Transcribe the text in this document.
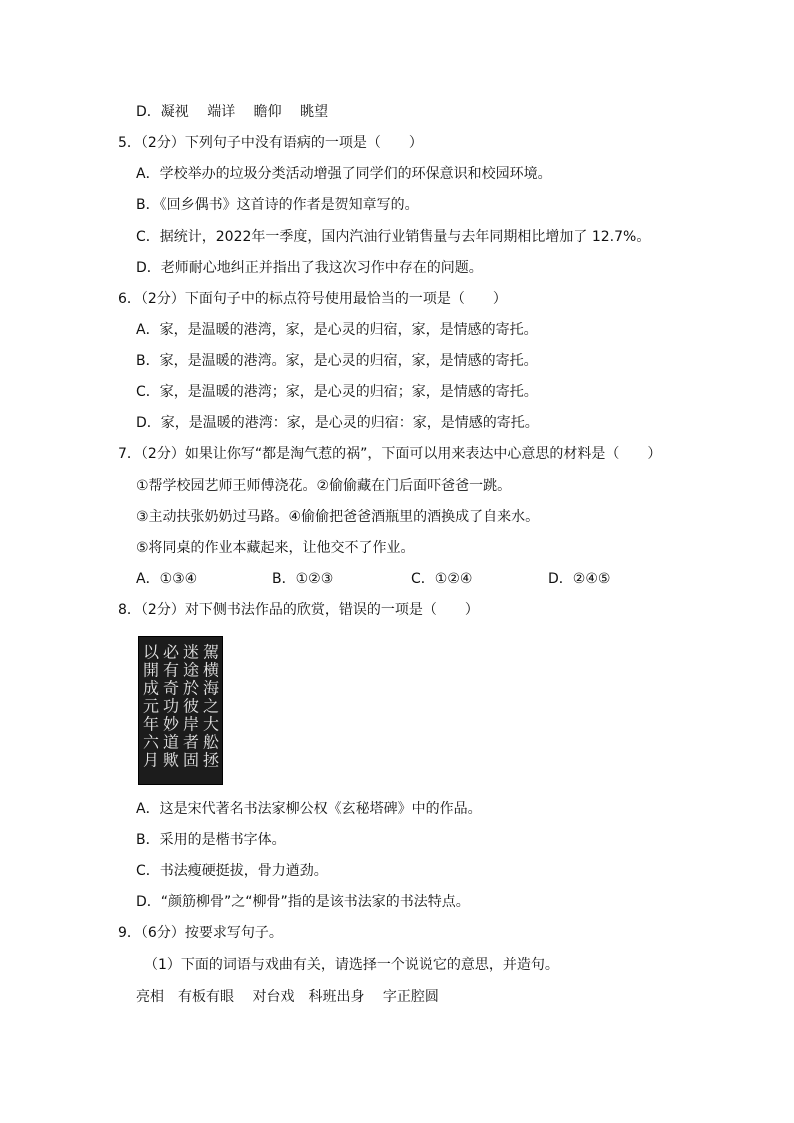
D．凝视　 端详　 瞻仰　 眺望
5．（2分）下列句子中没有语病的一项是（　　）
A．学校举办的垃圾分类活动增强了同学们的环保意识和校园环境。
B．《回乡偶书》这首诗的作者是贺知章写的。
C．据统计，2022年一季度，国内汽油行业销售量与去年同期相比增加了 12.7%。
D．老师耐心地纠正并指出了我这次习作中存在的问题。
6．（2分）下面句子中的标点符号使用最恰当的一项是（　　）
A．家，是温暖的港湾，家，是心灵的归宿，家，是情感的寄托。
B．家，是温暖的港湾。家，是心灵的归宿，家，是情感的寄托。
C．家，是温暖的港湾；家，是心灵的归宿；家，是情感的寄托。
D．家，是温暖的港湾：家，是心灵的归宿：家，是情感的寄托。
7．（2分）如果让你写“都是淘气惹的祸”，下面可以用来表达中心意思的材料是（　　）
①帮学校园艺师王师傅浇花。②偷偷藏在门后面吓爸爸一跳。
③主动扶张奶奶过马路。④偷偷把爸爸酒瓶里的酒换成了自来水。
⑤将同桌的作业本藏起来，让他交不了作业。
A．①③④	B．①②③	C．①②④	D．②④⑤
8．（2分）对下侧书法作品的欣赏，错误的一项是（　　）
駕
横
海
之
大
舩
拯
迷
途
於
彼
岸
者
固
必
有
奇
功
妙
道
歟
以
開
成
元
年
六
月
A．这是宋代著名书法家柳公权《玄秘塔碑》中的作品。
B．采用的是楷书字体。
C．书法瘦硬挺拔，骨力遒劲。
D．“颜筋柳骨”之“柳骨”指的是该书法家的书法特点。
9．（6分）按要求写句子。
（1）下面的词语与戏曲有关，请选择一个说说它的意思，并造句。
亮相　有板有眼　 对台戏　科班出身　 字正腔圆
